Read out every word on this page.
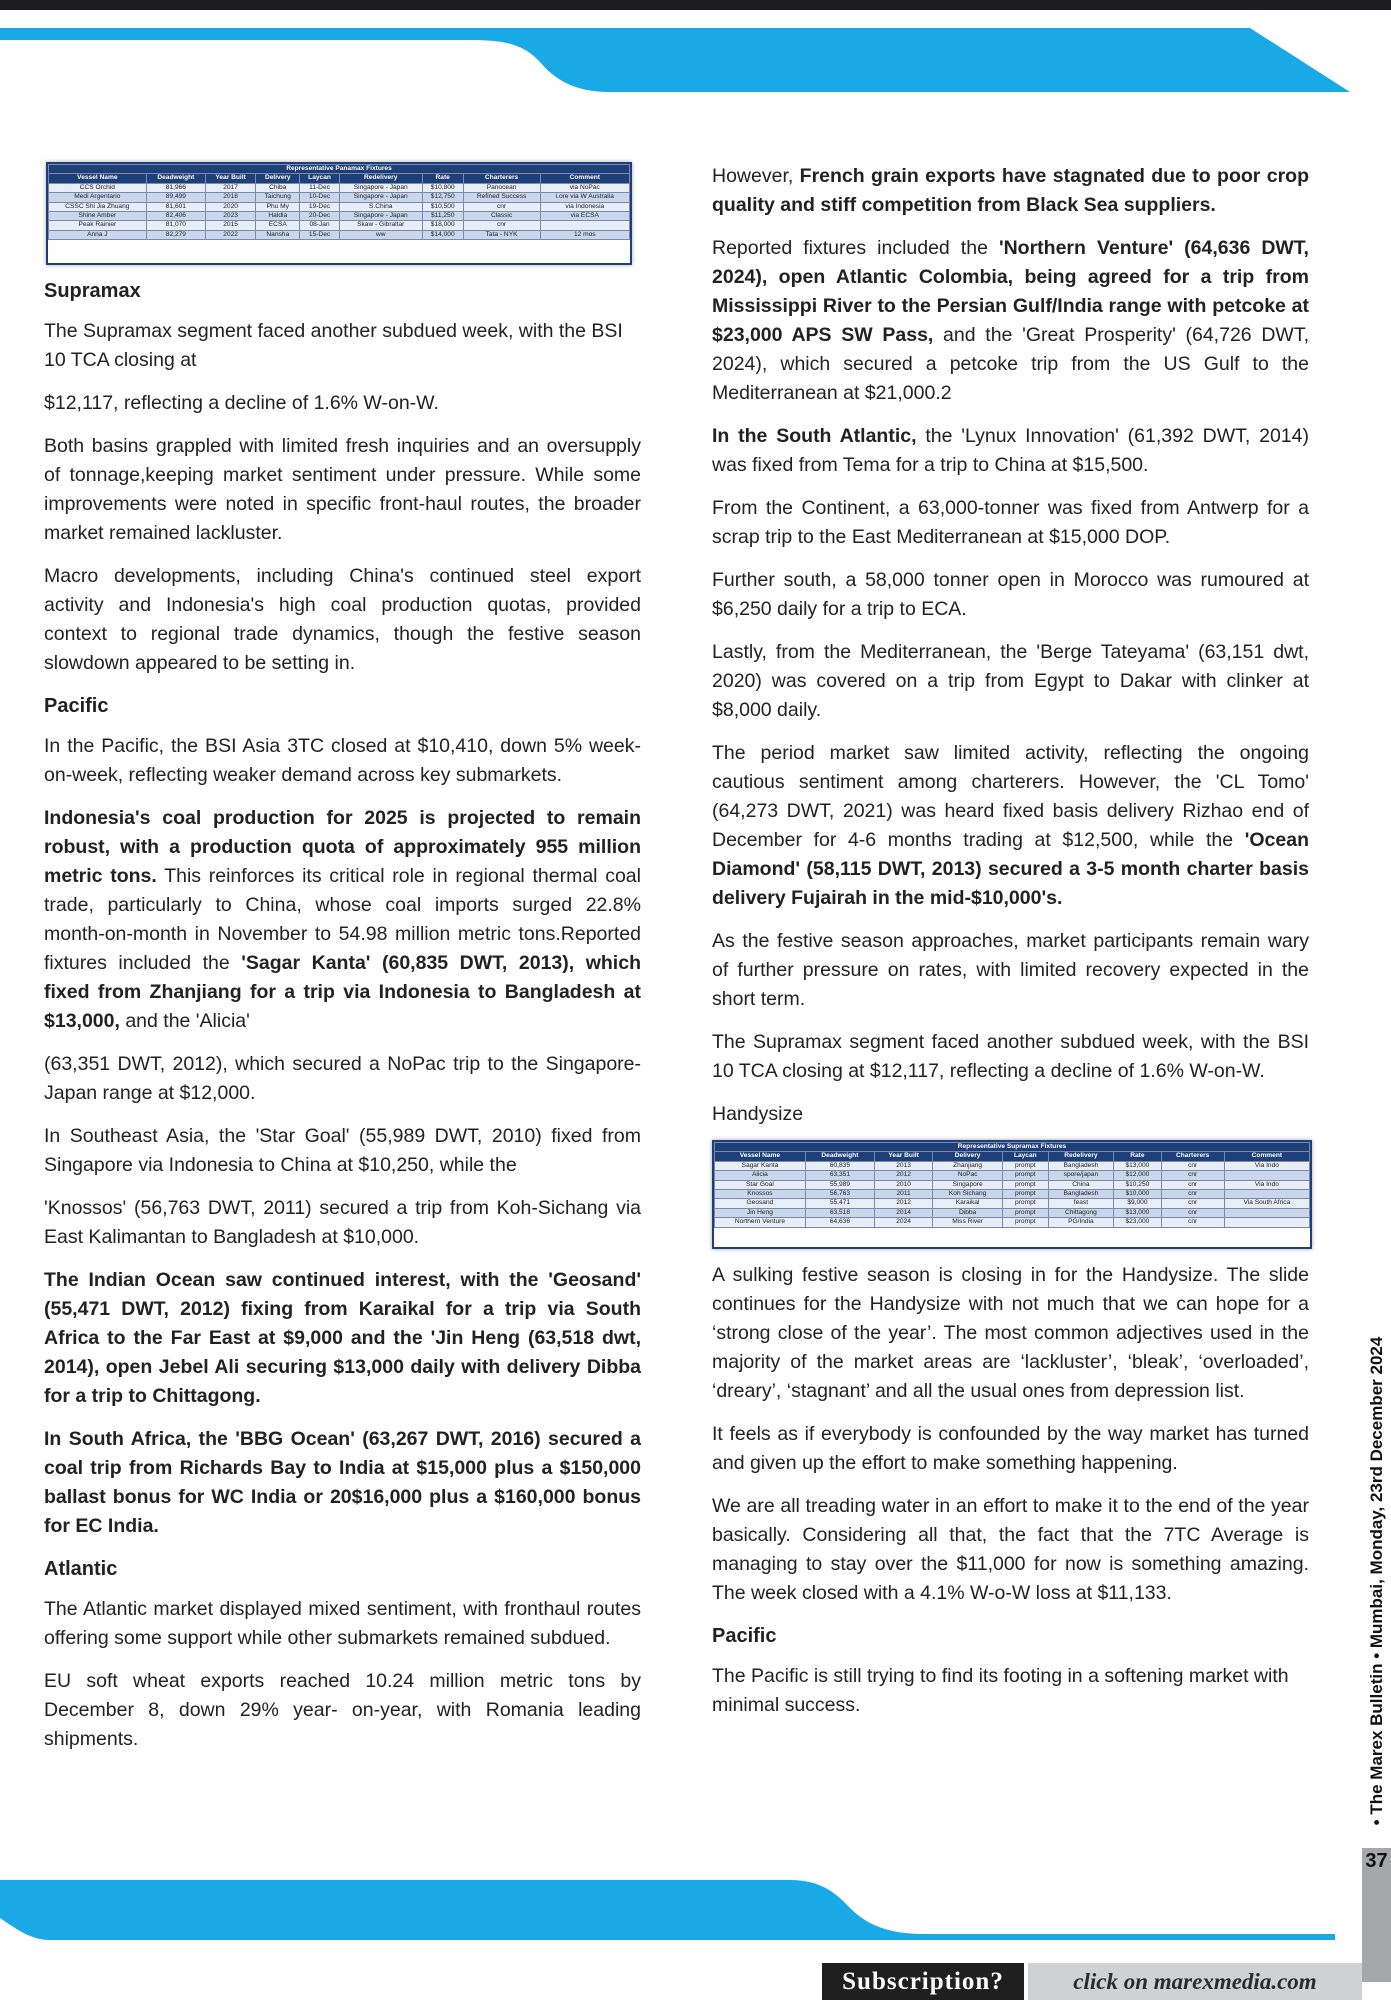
Representative Panamax Fixtures								
Vessel Name	Deadweight	Year Built	Delivery	Laycan	Redelivery	Rate	Charterers	Comment
CCS Orchid	81,966	2017	Chiba	11-Dec	Singapore - Japan	$10,800	Panocean	via NoPac
Medi Argentario	89,499	2018	Taichung	10-Dec	Singapore - Japan	$12,750	Refined Success	i.ore via W Australia
CSSC Shi Jia Zhuang	81,601	2020	Phu My	19-Dec	S.China	$10,500	cnr	via Indonesia
Shine Amber	82,406	2023	Haldia	20-Dec	Singapore - Japan	$11,250	Classic	via ECSA
Peak Rainier	81,070	2015	ECSA	08-Jan	Skaw - Gibraltar	$18,000	cnr	
Anna J	82,279	2022	Nansha	15-Dec	ww	$14,000	Tata - NYK	12 mos
Supramax

The Supramax segment faced another subdued week, with the BSI 10 TCA closing at

$12,117, reflecting a decline of 1.6% W-on-W.

Both basins grappled with limited fresh inquiries and an oversupply of tonnage,keeping market sentiment under pressure. While some improvements were noted in specific front-haul routes, the broader market remained lackluster.

Macro developments, including China's continued steel export activity and Indonesia's high coal production quotas, provided context to regional trade dynamics, though the festive season slowdown appeared to be setting in.

Pacific

In the Pacific, the BSI Asia 3TC closed at $10,410, down 5% week-on-week, reflecting weaker demand across key submarkets.

Indonesia's coal production for 2025 is projected to remain robust, with a production quota of approximately 955 million metric tons. This reinforces its critical role in regional thermal coal trade, particularly to China, whose coal imports surged 22.8% month-on-month in November to 54.98 million metric tons.Reported fixtures included the 'Sagar Kanta' (60,835 DWT, 2013), which fixed from Zhanjiang for a trip via Indonesia to Bangladesh at $13,000, and the 'Alicia'

(63,351 DWT, 2012), which secured a NoPac trip to the Singapore-Japan range at $12,000.

In Southeast Asia, the 'Star Goal' (55,989 DWT, 2010) fixed from Singapore via Indonesia to China at $10,250, while the

'Knossos' (56,763 DWT, 2011) secured a trip from Koh-Sichang via East Kalimantan to Bangladesh at $10,000.

The Indian Ocean saw continued interest, with the 'Geosand' (55,471 DWT, 2012) fixing from Karaikal for a trip via South Africa to the Far East at $9,000 and the 'Jin Heng (63,518 dwt, 2014), open Jebel Ali securing $13,000 daily with delivery Dibba for a trip to Chittagong.

In South Africa, the 'BBG Ocean' (63,267 DWT, 2016) secured a coal trip from Richards Bay to India at $15,000 plus a $150,000 ballast bonus for WC India or 20$16,000 plus a $160,000 bonus for EC India.

Atlantic

The Atlantic market displayed mixed sentiment, with fronthaul routes offering some support while other submarkets remained subdued.

EU soft wheat exports reached 10.24 million metric tons by December 8, down 29% year- on-year, with Romania leading shipments.

However, French grain exports have stagnated due to poor crop quality and stiff competition from Black Sea suppliers.

Reported fixtures included the 'Northern Venture' (64,636 DWT, 2024), open Atlantic Colombia, being agreed for a trip from Mississippi River to the Persian Gulf/India range with petcoke at $23,000 APS SW Pass, and the 'Great Prosperity' (64,726 DWT, 2024), which secured a petcoke trip from the US Gulf to the Mediterranean at $21,000.2

In the South Atlantic, the 'Lynux Innovation' (61,392 DWT, 2014) was fixed from Tema for a trip to China at $15,500.

From the Continent, a 63,000-tonner was fixed from Antwerp for a scrap trip to the East Mediterranean at $15,000 DOP.

Further south, a 58,000 tonner open in Morocco was rumoured at $6,250 daily for a trip to ECA.

Lastly, from the Mediterranean, the 'Berge Tateyama' (63,151 dwt, 2020) was covered on a trip from Egypt to Dakar with clinker at $8,000 daily.

The period market saw limited activity, reflecting the ongoing cautious sentiment among charterers. However, the 'CL Tomo' (64,273 DWT, 2021) was heard fixed basis delivery Rizhao end of December for 4-6 months trading at $12,500, while the 'Ocean Diamond' (58,115 DWT, 2013) secured a 3-5 month charter basis delivery Fujairah in the mid-$10,000's.

As the festive season approaches, market participants remain wary of further pressure on rates, with limited recovery expected in the short term.

The Supramax segment faced another subdued week, with the BSI 10 TCA closing at $12,117, reflecting a decline of 1.6% W-on-W.

Handysize
Representative Supramax Fixtures								
Vessel Name	Deadweight	Year Built	Delivery	Laycan	Redelivery	Rate	Charterers	Comment
Sagar Kanta	60,835	2013	Zhanjiang	prompt	Bangladesh	$13,000	cnr	Via Indo
Alicia	63,351	2012	NoPac	prompt	spore/japan	$12,000	cnr	
Star Goal	55,989	2010	Singapore	prompt	China	$10,250	cnr	Via Indo
Knossos	56,763	2011	Koh Sichang	prompt	Bangladesh	$10,000	cnr	
Geosand	55,471	2012	Karaikal	prompt	feast	$9,000	cnr	Via South Africa
Jin Heng	63,518	2014	Dibba	prompt	Chittagong	$13,000	cnr	
Northern Venture	64,636	2024	Miss River	prompt	PG/India	$23,000	cnr	

A sulking festive season is closing in for the Handysize. The slide continues for the Handysize with not much that we can hope for a ‘strong close of the year’. The most common adjectives used in the majority of the market areas are ‘lackluster’, ‘bleak’, ‘overloaded’, ‘dreary’, ‘stagnant’ and all the usual ones from depression list.

It feels as if everybody is confounded by the way market has turned and given up the effort to make something happening.

We are all treading water in an effort to make it to the end of the year basically. Considering all that, the fact that the 7TC Average is managing to stay over the $11,000 for now is something amazing. The week closed with a 4.1% W-o-W loss at $11,133.

Pacific

The Pacific is still trying to find its footing in a softening market with minimal success.	• The Marex Bulletin • Mumbai, Monday, 23rd December 2024
37
Subscription?	click on marexmedia.com
